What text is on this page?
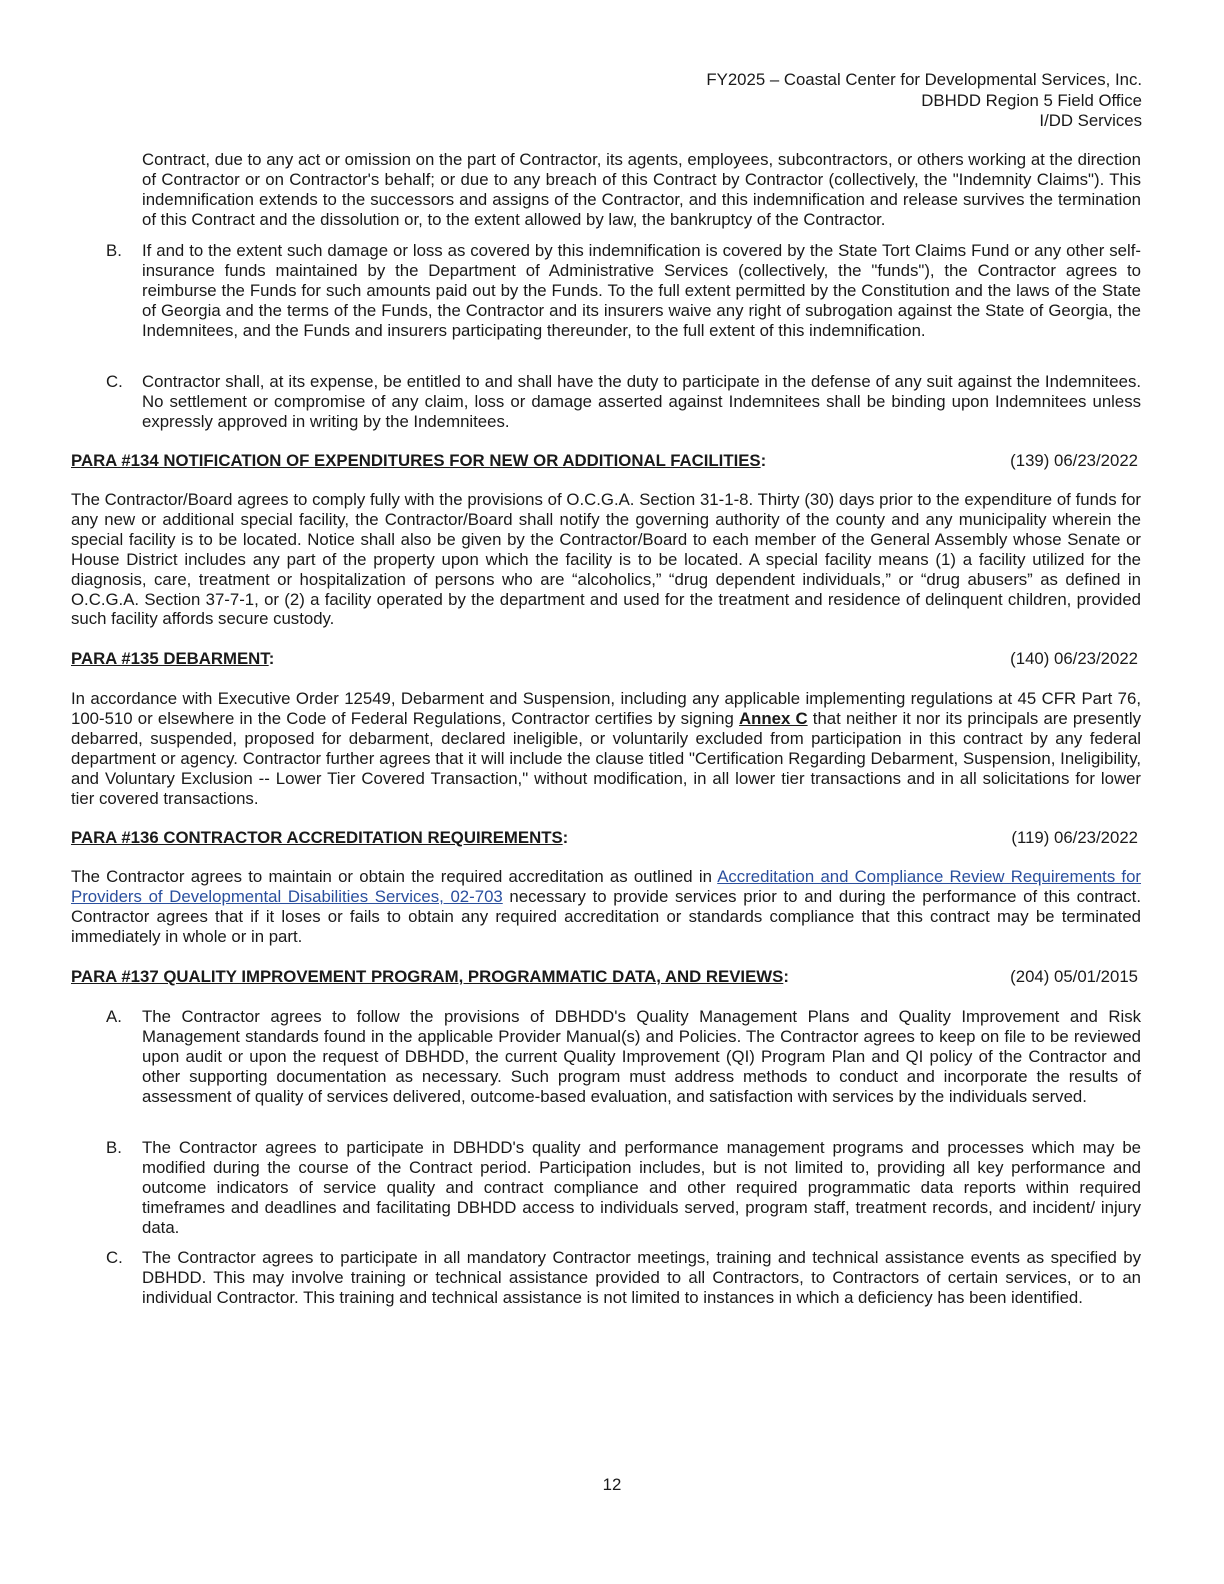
FY2025 – Coastal Center for Developmental Services, Inc.
DBHDD Region 5 Field Office
I/DD Services
Contract, due to any act or omission on the part of Contractor, its agents, employees, subcontractors, or others working at the direction of Contractor or on Contractor's behalf; or due to any breach of this Contract by Contractor (collectively, the "Indemnity Claims"). This indemnification extends to the successors and assigns of the Contractor, and this indemnification and release survives the termination of this Contract and the dissolution or, to the extent allowed by law, the bankruptcy of the Contractor.
B. If and to the extent such damage or loss as covered by this indemnification is covered by the State Tort Claims Fund or any other self-insurance funds maintained by the Department of Administrative Services (collectively, the "funds"), the Contractor agrees to reimburse the Funds for such amounts paid out by the Funds. To the full extent permitted by the Constitution and the laws of the State of Georgia and the terms of the Funds, the Contractor and its insurers waive any right of subrogation against the State of Georgia, the Indemnitees, and the Funds and insurers participating thereunder, to the full extent of this indemnification.
C. Contractor shall, at its expense, be entitled to and shall have the duty to participate in the defense of any suit against the Indemnitees. No settlement or compromise of any claim, loss or damage asserted against Indemnitees shall be binding upon Indemnitees unless expressly approved in writing by the Indemnitees.
PARA #134 NOTIFICATION OF EXPENDITURES FOR NEW OR ADDITIONAL FACILITIES:	(139) 06/23/2022
The Contractor/Board agrees to comply fully with the provisions of O.C.G.A. Section 31-1-8. Thirty (30) days prior to the expenditure of funds for any new or additional special facility, the Contractor/Board shall notify the governing authority of the county and any municipality wherein the special facility is to be located. Notice shall also be given by the Contractor/Board to each member of the General Assembly whose Senate or House District includes any part of the property upon which the facility is to be located. A special facility means (1) a facility utilized for the diagnosis, care, treatment or hospitalization of persons who are “alcoholics,” “drug dependent individuals,” or “drug abusers” as defined in O.C.G.A. Section 37-7-1, or (2) a facility operated by the department and used for the treatment and residence of delinquent children, provided such facility affords secure custody.
PARA #135 DEBARMENT:	(140) 06/23/2022
In accordance with Executive Order 12549, Debarment and Suspension, including any applicable implementing regulations at 45 CFR Part 76, 100-510 or elsewhere in the Code of Federal Regulations, Contractor certifies by signing Annex C that neither it nor its principals are presently debarred, suspended, proposed for debarment, declared ineligible, or voluntarily excluded from participation in this contract by any federal department or agency. Contractor further agrees that it will include the clause titled "Certification Regarding Debarment, Suspension, Ineligibility, and Voluntary Exclusion -- Lower Tier Covered Transaction," without modification, in all lower tier transactions and in all solicitations for lower tier covered transactions.
PARA #136 CONTRACTOR ACCREDITATION REQUIREMENTS:	(119) 06/23/2022
The Contractor agrees to maintain or obtain the required accreditation as outlined in Accreditation and Compliance Review Requirements for Providers of Developmental Disabilities Services, 02-703 necessary to provide services prior to and during the performance of this contract. Contractor agrees that if it loses or fails to obtain any required accreditation or standards compliance that this contract may be terminated immediately in whole or in part.
PARA #137 QUALITY IMPROVEMENT PROGRAM, PROGRAMMATIC DATA, AND REVIEWS:	(204) 05/01/2015
A. The Contractor agrees to follow the provisions of DBHDD's Quality Management Plans and Quality Improvement and Risk Management standards found in the applicable Provider Manual(s) and Policies. The Contractor agrees to keep on file to be reviewed upon audit or upon the request of DBHDD, the current Quality Improvement (QI) Program Plan and QI policy of the Contractor and other supporting documentation as necessary. Such program must address methods to conduct and incorporate the results of assessment of quality of services delivered, outcome-based evaluation, and satisfaction with services by the individuals served.
B. The Contractor agrees to participate in DBHDD's quality and performance management programs and processes which may be modified during the course of the Contract period. Participation includes, but is not limited to, providing all key performance and outcome indicators of service quality and contract compliance and other required programmatic data reports within required timeframes and deadlines and facilitating DBHDD access to individuals served, program staff, treatment records, and incident/ injury data.
C. The Contractor agrees to participate in all mandatory Contractor meetings, training and technical assistance events as specified by DBHDD. This may involve training or technical assistance provided to all Contractors, to Contractors of certain services, or to an individual Contractor. This training and technical assistance is not limited to instances in which a deficiency has been identified.
12
